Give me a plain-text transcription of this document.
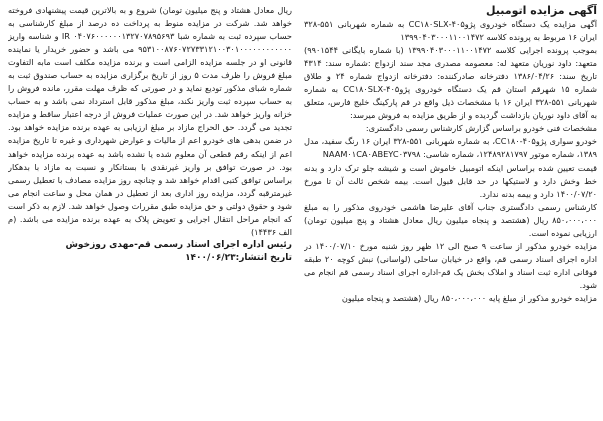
آگهی مزایده اتومبیل

آگهی مزایده یک دستگاه خودروی پژو۴۰۵-CC۱۸۰SLX به شماره شهربانی ۵۵۱-۳۲۸ ایران ۱۶ مربوط به پرونده کلاسه ۱۳۹۹۰۴۰۳۰۰۰۱۱۰۰۱۴۷۲

بموجب پرونده اجرایی کلاسه ۱۳۹۹۰۴۰۳۰۰۰۱۱۰۰۱۴۷۲ (با شماره بایگانی ۹۹۰۱۵۴۴) متعهد: داود نوریان متعهد له: معصومه مصدری مجد سند ازدواج :شماره سند: ۴۳۱۴ تاریخ سند: ۱۳۸۶/۰۴/۲۶ دفترخانه صادرکننده: دفترخانه ازدواج شماره ۲۴ و طلاق شماره ۱۵ شهرقم استان قم یک دستگاه خودروی پژو۴۰۵-CC۱۸۰SLX به شماره شهربانی ۵۵۱-۳۲۸ ایران ۱۶ با مشخصات ذیل واقع در قم پارکینگ خلیج فارس، متعلق به آقای داود نوریان بازداشت گردیده و از طریق مزایده به فروش میرسد:

مشخصات فنی خودرو براساس گزارش کارشناس رسمی دادگستری:

خودرو سواری پژو۴۰۵-CC۱۸۰، به شماره شهربانی ۵۵۱-۳۲۸ ایران ۱۶ رنگ سفید، مدل ۱۳۸۹، شماره موتور ۱۲۴۸۹۲۸۱۷۹۷، شماره شاسی: NAAM۰۱CA۰ABEYC۰۳۷۹۸

قیمت تعیین شده براساس اینکه اتومبیل خاموش است و شیشه جلو ترک دارد و بدنه خط وخش دارد و لاستیکها در حد قابل قبول است. بیمه شخص ثالث آن تا مورخ ۱۴۰۰/۰۷/۲۰ دارد و بیمه بدنه ندارد.

کارشناس رسمی دادگستری جناب آقای علیرضا هاشمی خودروی مذکور را به مبلغ ۸۵۰،۰۰۰،۰۰۰ ریال (هشتصد و پنجاه میلیون ریال معادل هشتاد و پنج میلیون تومان) ارزیابی نموده است.

مزایده خودرو مذکور از ساعت ۹ صبح الی ۱۲ ظهر روز شنبه مورخ ۱۴۰۰/۰۷/۱۰ در اداره اجرای اسناد رسمی قم، واقع در خیابان ساحلی (لواسانی) نبش کوچه ۲۰ طبقه فوقانی اداره ثبت اسناد و املاک بخش یک قم-اداره اجرای اسناد رسمی قم انجام می شود.

مزایده خودرو مذکور از مبلغ پایه ۸۵۰،۰۰۰،۰۰۰ ریال (هشتصد و پنجاه میلیون

ریال معادل هشتاد و پنج میلیون تومان) شروع و به بالاترین قیمت پیشنهادی فروخته خواهد شد. شرکت در مزایده منوط به پرداخت ده درصد از مبلغ کارشناسی به حساب سپرده ثبت به شماره شبا IR ۰۴۰۷۶۰۰۰۰۰۰۱۳۲۷۰۷۸۹۵۶۹۳ و شناسه واریز ۹۵۳۱۰۰۸۷۶۰۷۲۷۳۳۱۲۱۰۰۳۰۱۰۰۰۰۰۰۰۰۰۰۰۰ می باشد و حضور خریدار یا نماینده قانونی او در جلسه مزایده الزامی است و برنده مزایده مکلف است مابه التفاوت مبلغ فروش را ظرف مدت ۵ روز از تاریخ برگزاری مزایده به حساب صندوق ثبت به شماره شبای مذکور تودیع نماید و در صورتی که ظرف مهلت مقرر، مانده فروش را به حساب سپرده ثبت واریز نکند، مبلغ مذکور قابل استرداد نمی باشد و به حساب خزانه واریز خواهد شد. در این صورت عملیات فروش از درجه اعتبار ساقط و مزایده تجدید می گردد. حق الحراج مازاد بر مبلغ ارزیابی به عهده برنده مزایده خواهد بود. در ضمن بدهی های خودرو اعم از مالیات و عوارض شهرداری و غیره تا تاریخ مزایده اعم از اینکه رقم قطعی آن معلوم شده یا نشده باشد به عهده برنده مزایده خواهد بود. در صورت توافق بر واریز غیرنقدی با بستانکار و نسبت به مازاد با بدهکار براساس توافق کتبی اقدام خواهد شد و چنانچه روز مزایده مصادف با تعطیل رسمی غیرمترقبه گردد، مزایده روز اداری بعد از تعطیل در همان محل و ساعت انجام می شود و حقوق دولتی و حق مزایده طبق مقررات وصول خواهد شد. لازم به ذکر است که انجام مراحل انتقال اجرایی و تعویض پلاک به عهده برنده مزایده می باشد. (م الف ۱۴۴۳۶)

رئیس اداره اجرای اسناد رسمی قم-مهدی روزخوش

تاریخ انتشار:۱۴۰۰/۰۶/۲۳
